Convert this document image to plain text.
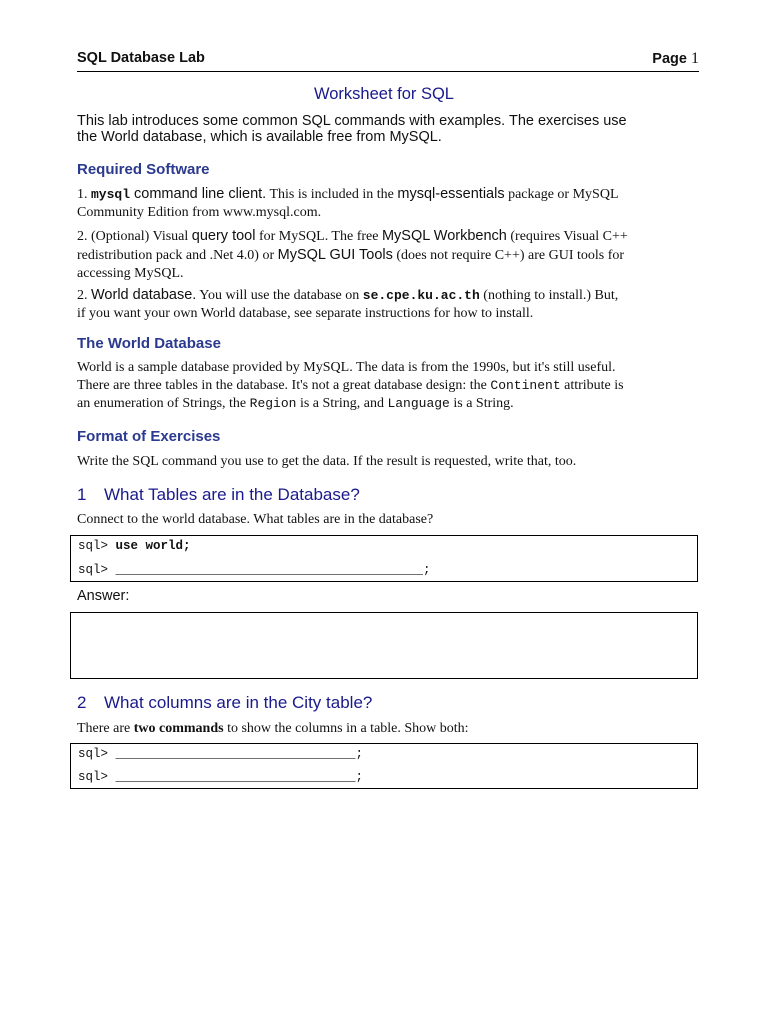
SQL Database Lab	Page 1
Worksheet for SQL
This lab introduces some common SQL commands with examples. The exercises use
the World database, which is available free from MySQL.
Required Software
1. mysql command line client. This is included in the mysql-essentials package or MySQL
Community Edition from www.mysql.com.
2. (Optional) Visual query tool for MySQL. The free MySQL Workbench (requires Visual C++
redistribution pack and .Net 4.0) or MySQL GUI Tools (does not require C++) are GUI tools for
accessing MySQL.
2. World database. You will use the database on se.cpe.ku.ac.th (nothing to install.) But,
if you want your own World database, see separate instructions for how to install.
The World Database
World is a sample database provided by MySQL. The data is from the 1990s, but it's still useful.
There are three tables in the database. It's not a great database design: the Continent attribute is
an enumeration of Strings, the Region is a String, and Language is a String.
Format of Exercises
Write the SQL command you use to get the data. If the result is requested, write that, too.
1 What Tables are in the Database?
Connect to the world database. What tables are in the database?
sql> use world;
sql> _________________________________________;
Answer:
2 What columns are in the City table?
There are two commands to show the columns in a table. Show both:
sql> ________________________________;
sql> ________________________________;
